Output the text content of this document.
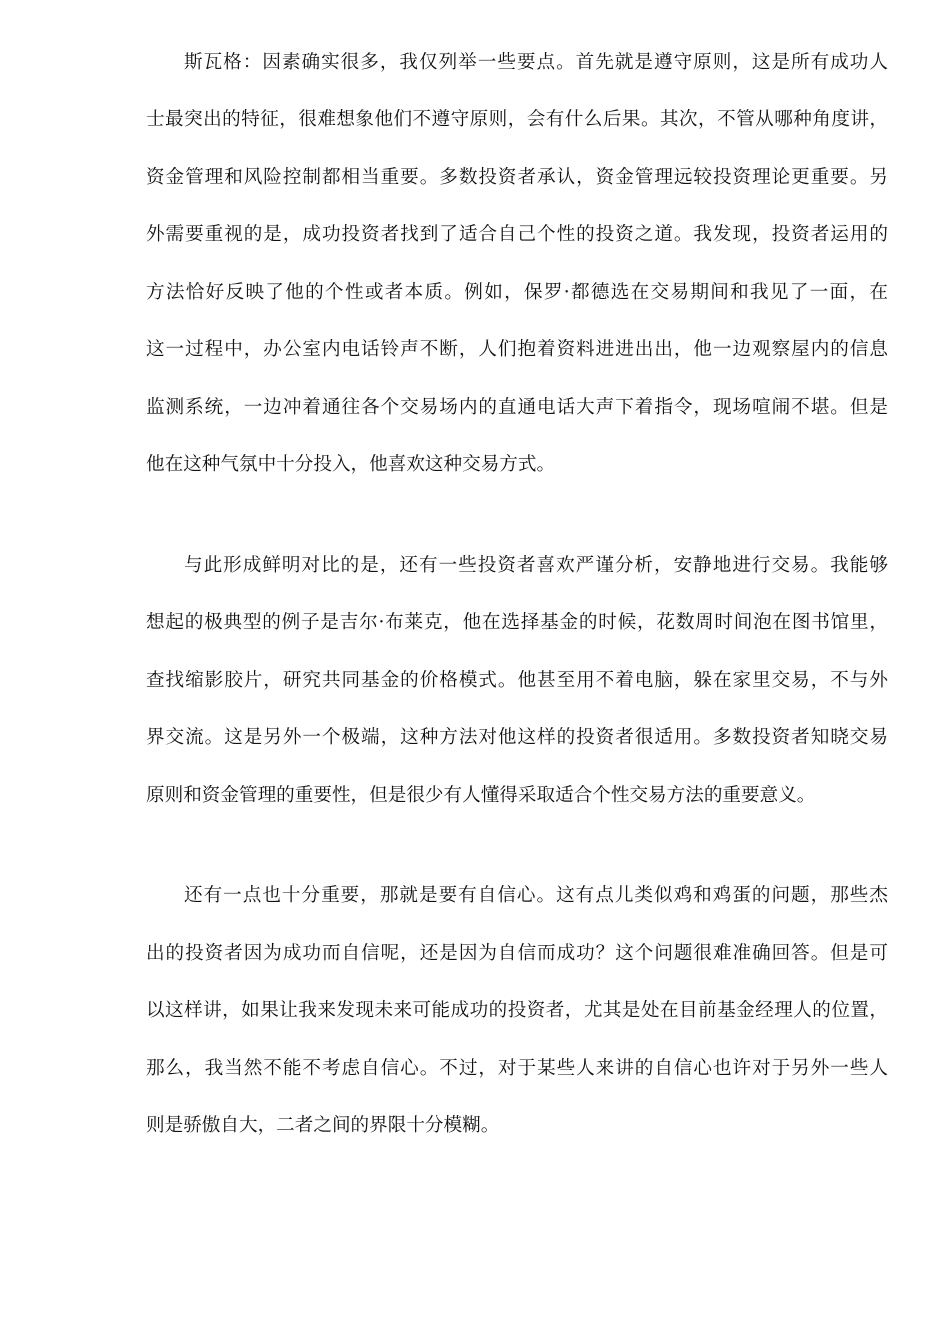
斯瓦格：因素确实很多，我仅列举一些要点。首先就是遵守原则，这是所有成功人
士最突出的特征，很难想象他们不遵守原则，会有什么后果。其次，不管从哪种角度讲，
资金管理和风险控制都相当重要。多数投资者承认，资金管理远较投资理论更重要。另
外需要重视的是，成功投资者找到了适合自己个性的投资之道。我发现，投资者运用的
方法恰好反映了他的个性或者本质。例如，保罗·都德选在交易期间和我见了一面，在
这一过程中，办公室内电话铃声不断，人们抱着资料进进出出，他一边观察屋内的信息
监测系统，一边冲着通往各个交易场内的直通电话大声下着指令，现场喧闹不堪。但是
他在这种气氛中十分投入，他喜欢这种交易方式。
与此形成鲜明对比的是，还有一些投资者喜欢严谨分析，安静地进行交易。我能够
想起的极典型的例子是吉尔·布莱克，他在选择基金的时候，花数周时间泡在图书馆里，
查找缩影胶片，研究共同基金的价格模式。他甚至用不着电脑，躲在家里交易，不与外
界交流。这是另外一个极端，这种方法对他这样的投资者很适用。多数投资者知晓交易
原则和资金管理的重要性，但是很少有人懂得采取适合个性交易方法的重要意义。
还有一点也十分重要，那就是要有自信心。这有点儿类似鸡和鸡蛋的问题，那些杰
出的投资者因为成功而自信呢，还是因为自信而成功？这个问题很难准确回答。但是可
以这样讲，如果让我来发现未来可能成功的投资者，尤其是处在目前基金经理人的位置，
那么，我当然不能不考虑自信心。不过，对于某些人来讲的自信心也许对于另外一些人
则是骄傲自大，二者之间的界限十分模糊。
